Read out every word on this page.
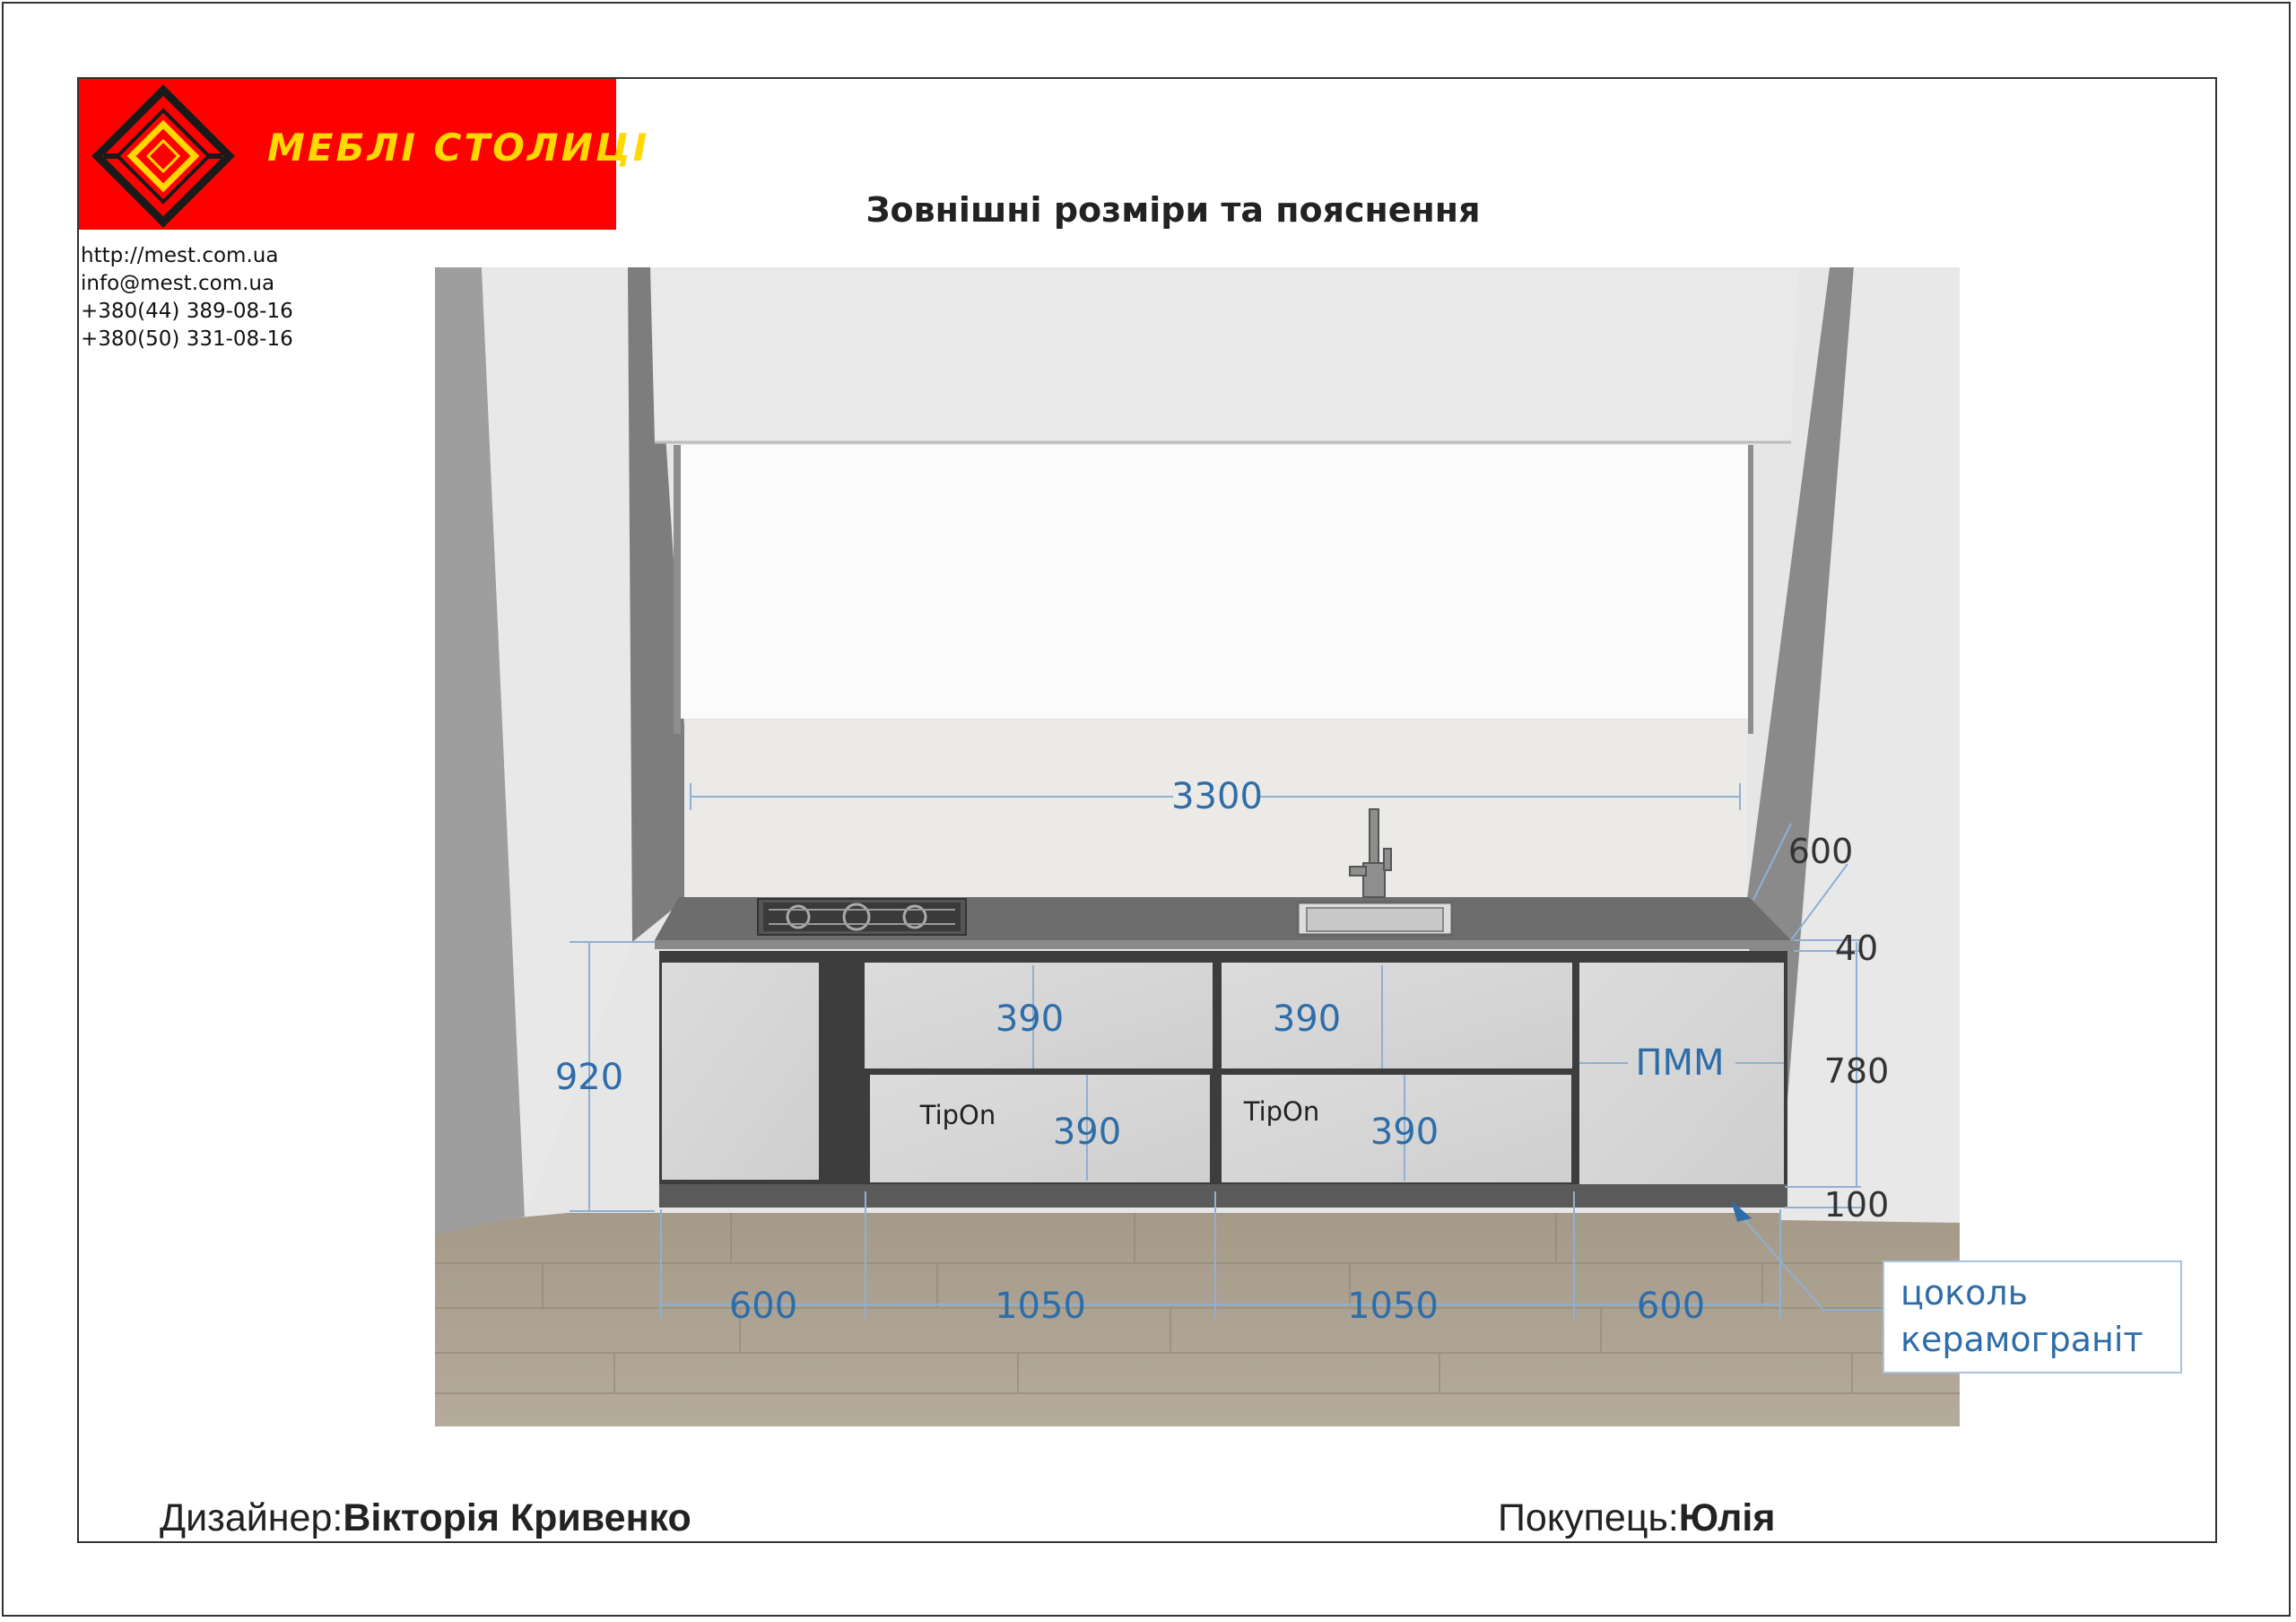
МЕБЛІ СТОЛИЦІ
http://mest.com.ua
info@mest.com.ua
+380(44) 389-08-16
+380(50) 331-08-16
Зовнішні розміри та пояснення
3300
920
390
390
390
390
600	1050	1050	600
ПММ
600
40
780
100
TipOn	TipOn
цоколь
керамограніт
Дизайнер:Вікторія Кривенко	Покупець:Юлія
